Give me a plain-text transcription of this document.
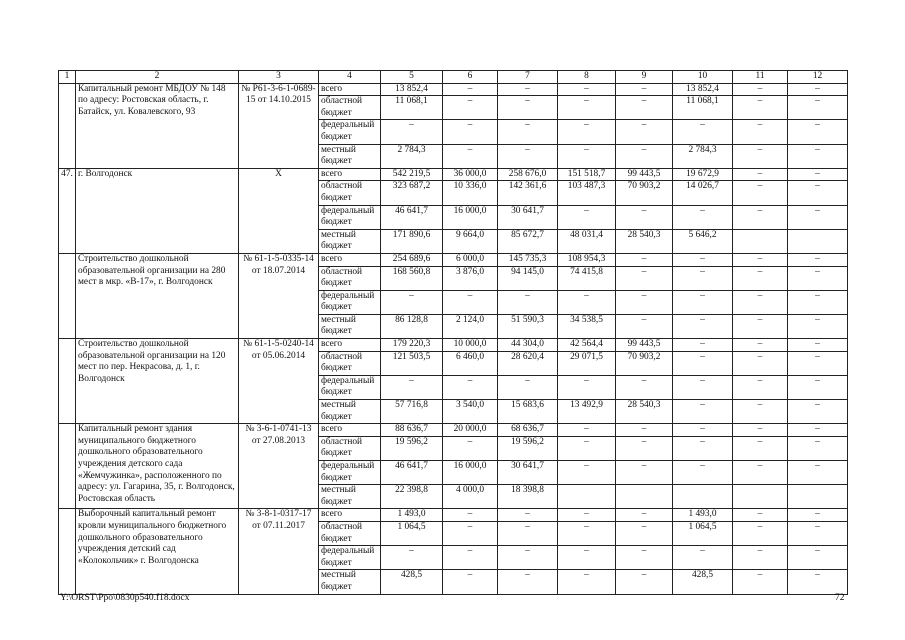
1	2	3	4	5	6	7	8	9	10	11	12
	Капитальный ремонт МБДОУ № 148 по адресу: Ростовская область, г. Батайск, ул. Ковалевского, 93	№ Р61-3-6-1-0689-15 от 14.10.2015	всего	13 852,4	–	–	–	–	13 852,4	–	–
			областной бюджет	11 068,1	–	–	–	–	11 068,1	–	–
			федеральный бюджет	–	–	–	–	–	–	–	–
			местный бюджет	2 784,3	–	–	–	–	2 784,3	–	–
47.	г. Волгодонск	Х	всего	542 219,5	36 000,0	258 676,0	151 518,7	99 443,5	19 672,9	–	–
			областной бюджет	323 687,2	10 336,0	142 361,6	103 487,3	70 903,2	14 026,7	–	–
			федеральный бюджет	46 641,7	16 000,0	30 641,7	–	–	–	–	–
			местный бюджет	171 890,6	9 664,0	85 672,7	48 031,4	28 540,3	5 646,2		
	Строительство дошкольной образовательной организации на 280 мест в мкр. «В-17», г. Волгодонск	№ 61-1-5-0335-14 от 18.07.2014	всего	254 689,6	6 000,0	145 735,3	108 954,3	–	–	–	–
			областной бюджет	168 560,8	3 876,0	94 145,0	74 415,8	–	–	–	–
			федеральный бюджет	–	–	–	–	–	–	–	–
			местный бюджет	86 128,8	2 124,0	51 590,3	34 538,5	–	–	–	–
	Строительство дошкольной образовательной организации на 120 мест по пер. Некрасова, д. 1, г. Волгодонск	№ 61-1-5-0240-14 от 05.06.2014	всего	179 220,3	10 000,0	44 304,0	42 564,4	99 443,5	–	–	–
			областной бюджет	121 503,5	6 460,0	28 620,4	29 071,5	70 903,2	–	–	–
			федеральный бюджет	–	–	–	–	–	–	–	–
			местный бюджет	57 716,8	3 540,0	15 683,6	13 492,9	28 540,3	–	–	–
	Капитальный ремонт здания муниципального бюджетного дошкольного образовательного учреждения детского сада «Жемчужинка», расположенного по адресу: ул. Гагарина, 35, г. Волгодонск, Ростовская область	№ 3-6-1-0741-13 от 27.08.2013	всего	88 636,7	20 000,0	68 636,7	–	–	–	–	–
			областной бюджет	19 596,2	–	19 596,2	–	–	–	–	–
			федеральный бюджет	46 641,7	16 000,0	30 641,7	–	–	–	–	–
			местный бюджет	22 398,8	4 000,0	18 398,8					
	Выборочный капитальный ремонт кровли муниципального бюджетного дошкольного образовательного учреждения детский сад «Колокольчик» г. Волгодонска	№ 3-8-1-0317-17 от 07.11.2017	всего	1 493,0	–	–	–	–	1 493,0	–	–
			областной бюджет	1 064,5	–	–	–	–	1 064,5	–	–
			федеральный бюджет	–	–	–	–	–	–	–	–
			местный бюджет	428,5	–	–	–	–	428,5	–	–
Y:\ORST\Ppo\0830p540.f18.docx	72
